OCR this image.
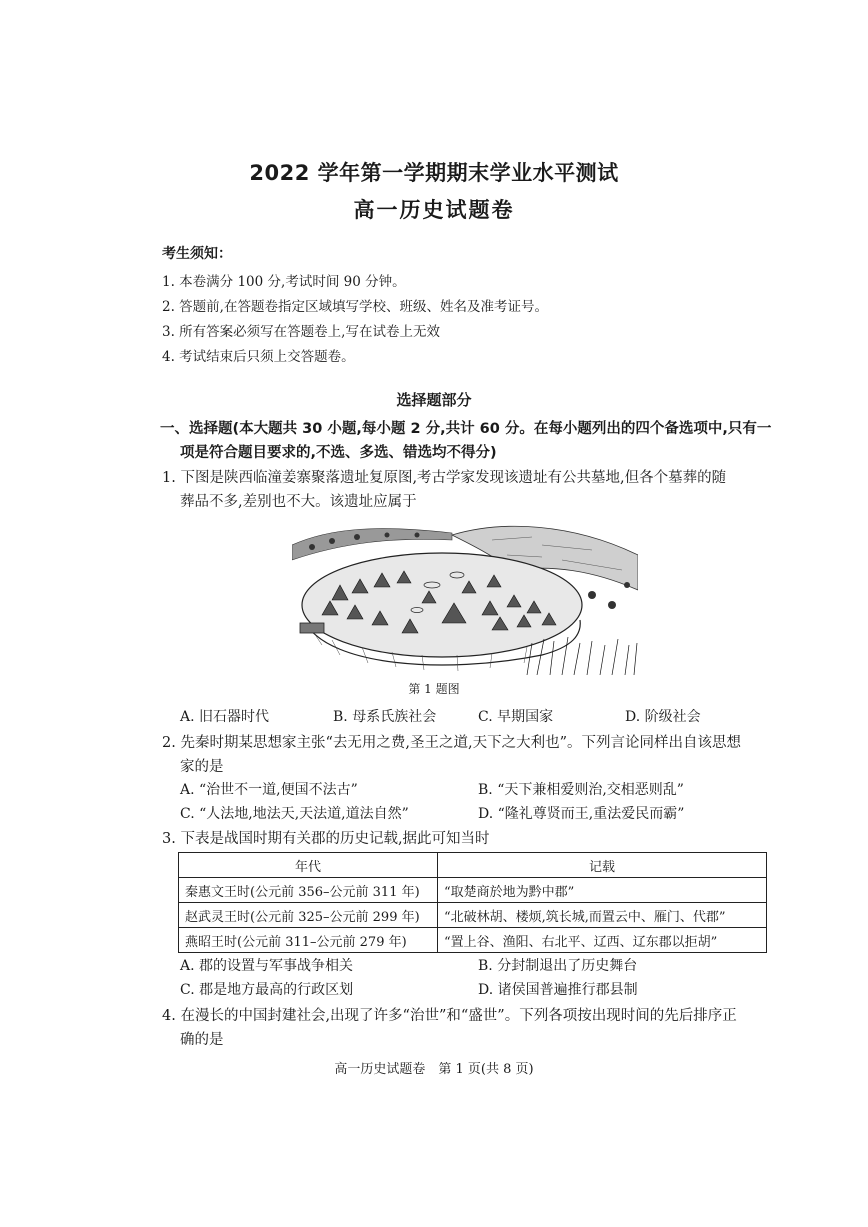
2022 学年第一学期期末学业水平测试
高一历史试题卷
考生须知：
1. 本卷满分 100 分,考试时间 90 分钟。
2. 答题前,在答题卷指定区域填写学校、班级、姓名及准考证号。
3. 所有答案必须写在答题卷上,写在试卷上无效
4. 考试结束后只须上交答题卷。
选择题部分
一、选择题(本大题共 30 小题,每小题 2 分,共计 60 分。在每小题列出的四个备选项中,只有一
项是符合题目要求的,不选、多选、错选均不得分)
1. 下图是陕西临潼姜寨聚落遗址复原图,考古学家发现该遗址有公共墓地,但各个墓葬的随
葬品不多,差别也不大。该遗址应属于
第 1 题图
A. 旧石器时代	B. 母系氏族社会	C. 早期国家	D. 阶级社会
2. 先秦时期某思想家主张“去无用之费,圣王之道,天下之大利也”。下列言论同样出自该思想
家的是
A. “治世不一道,便国不法古”	B. “天下兼相爱则治,交相恶则乱”
C. “人法地,地法天,天法道,道法自然”	D. “隆礼尊贤而王,重法爱民而霸”
3. 下表是战国时期有关郡的历史记载,据此可知当时
年代	记载
秦惠文王时(公元前 356–公元前 311 年)	“取楚商於地为黔中郡”
赵武灵王时(公元前 325–公元前 299 年)	“北破林胡、楼烦,筑长城,而置云中、雁门、代郡”
燕昭王时(公元前 311–公元前 279 年)	“置上谷、渔阳、右北平、辽西、辽东郡以拒胡”
A. 郡的设置与军事战争相关	B. 分封制退出了历史舞台
C. 郡是地方最高的行政区划	D. 诸侯国普遍推行郡县制
4. 在漫长的中国封建社会,出现了许多“治世”和“盛世”。下列各项按出现时间的先后排序正
确的是
高一历史试题卷　第 1 页(共 8 页)
